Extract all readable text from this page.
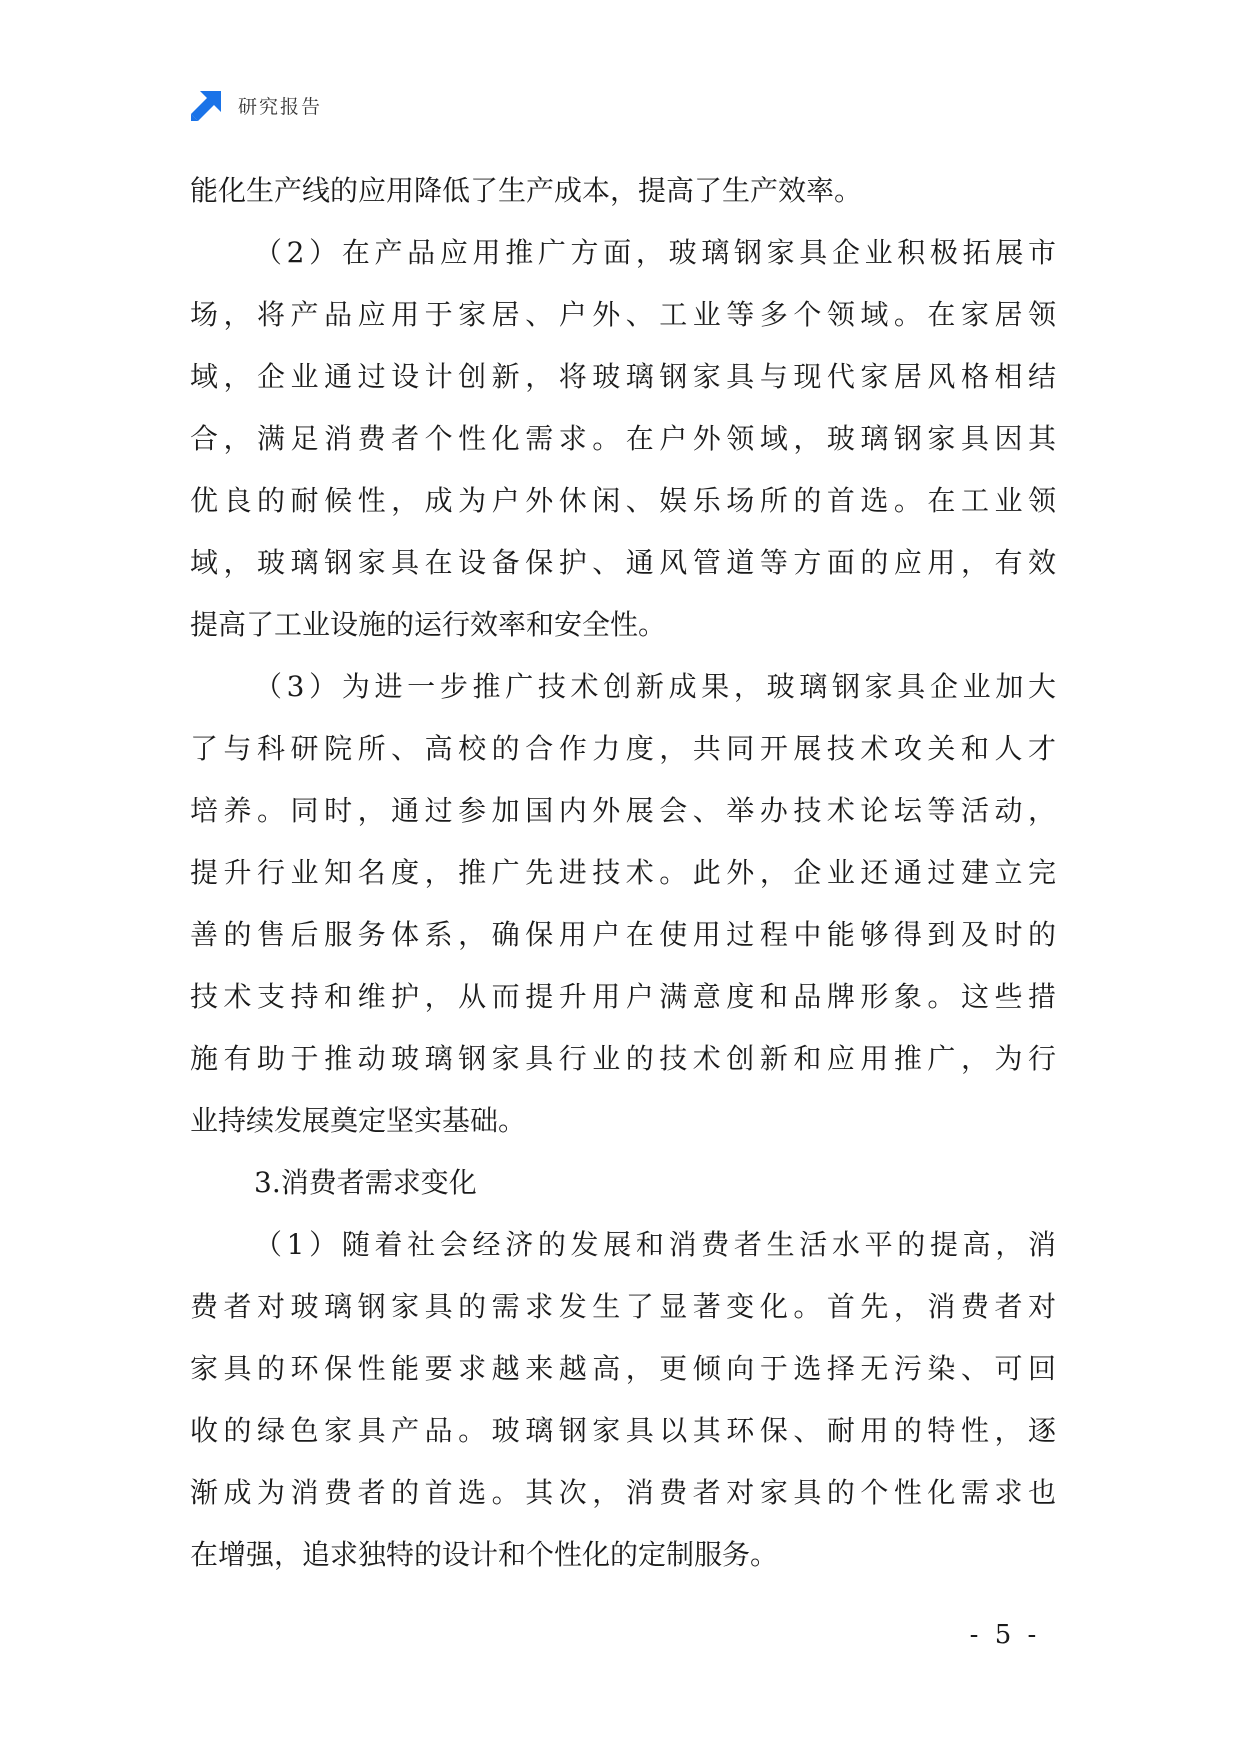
研究报告
能化生产线的应用降低了生产成本，提高了生产效率。
（2）在产品应用推广方面，玻璃钢家具企业积极拓展市
场，将产品应用于家居、户外、工业等多个领域。在家居领
域，企业通过设计创新，将玻璃钢家具与现代家居风格相结
合，满足消费者个性化需求。在户外领域，玻璃钢家具因其
优良的耐候性，成为户外休闲、娱乐场所的首选。在工业领
域，玻璃钢家具在设备保护、通风管道等方面的应用，有效
提高了工业设施的运行效率和安全性。
（3）为进一步推广技术创新成果，玻璃钢家具企业加大
了与科研院所、高校的合作力度，共同开展技术攻关和人才
培养。同时，通过参加国内外展会、举办技术论坛等活动，
提升行业知名度，推广先进技术。此外，企业还通过建立完
善的售后服务体系，确保用户在使用过程中能够得到及时的
技术支持和维护，从而提升用户满意度和品牌形象。这些措
施有助于推动玻璃钢家具行业的技术创新和应用推广，为行
业持续发展奠定坚实基础。
3.消费者需求变化
（1）随着社会经济的发展和消费者生活水平的提高，消
费者对玻璃钢家具的需求发生了显著变化。首先，消费者对
家具的环保性能要求越来越高，更倾向于选择无污染、可回
收的绿色家具产品。玻璃钢家具以其环保、耐用的特性，逐
渐成为消费者的首选。其次，消费者对家具的个性化需求也
在增强，追求独特的设计和个性化的定制服务。
- 5 -
